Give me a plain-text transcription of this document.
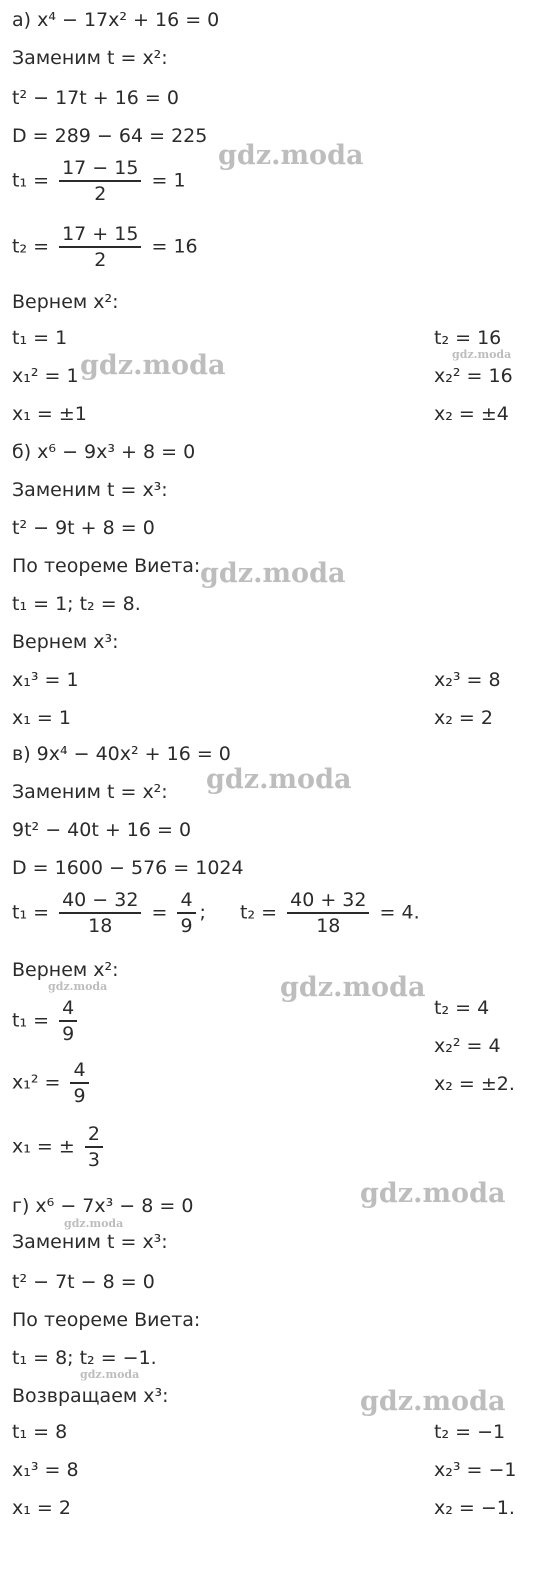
а) x⁴ − 17x² + 16 = 0
Заменим t = x²:
t² − 17t + 16 = 0
D = 289 − 64 = 225
$t_1 = \frac{17 - 15}{2} = 1$
$t_2 = \frac{17 + 15}{2} = 16$
Вернем x²:
t₁ = 1
x₁² = 1
x₁ = ±1
t₂ = 16
x₂² = 16
x₂ = ±4
б) x⁶ − 9x³ + 8 = 0
Заменим t = x³:
t² − 9t + 8 = 0
По теореме Виета:
t₁ = 1; t₂ = 8.
Вернем x³:
x₁³ = 1
x₁ = 1
x₂³ = 8
x₂ = 2
в) 9x⁴ − 40x² + 16 = 0
Заменим t = x²:
9t² − 40t + 16 = 0
D = 1600 − 576 = 1024
$t_1 = \frac{40 - 32}{18} = \frac{4}{9}$ ; $t_2 = \frac{40 + 32}{18} = 4$.
Вернем x²:
$t_1 = \frac{4}{9}$
$x_1^2 = \frac{4}{9}$
x₁ = ± $\frac{2}{3}$
t₂ = 4
x₂² = 4
x₂ = ±2.
г) x⁶ − 7x³ − 8 = 0
Заменим t = x³:
t² − 7t − 8 = 0
По теореме Виета:
t₁ = 8; t₂ = −1.
Возвращаем x³:
t₁ = 8
x₁³ = 8
x₁ = 2
t₂ = −1
x₂³ = −1
x₂ = −1.
gdz.moda
gdz.moda	gdz.moda
gdz.moda
gdz.moda
gdz.moda	gdz.moda
gdz.moda
gdz.moda
gdz.moda
gdz.moda
